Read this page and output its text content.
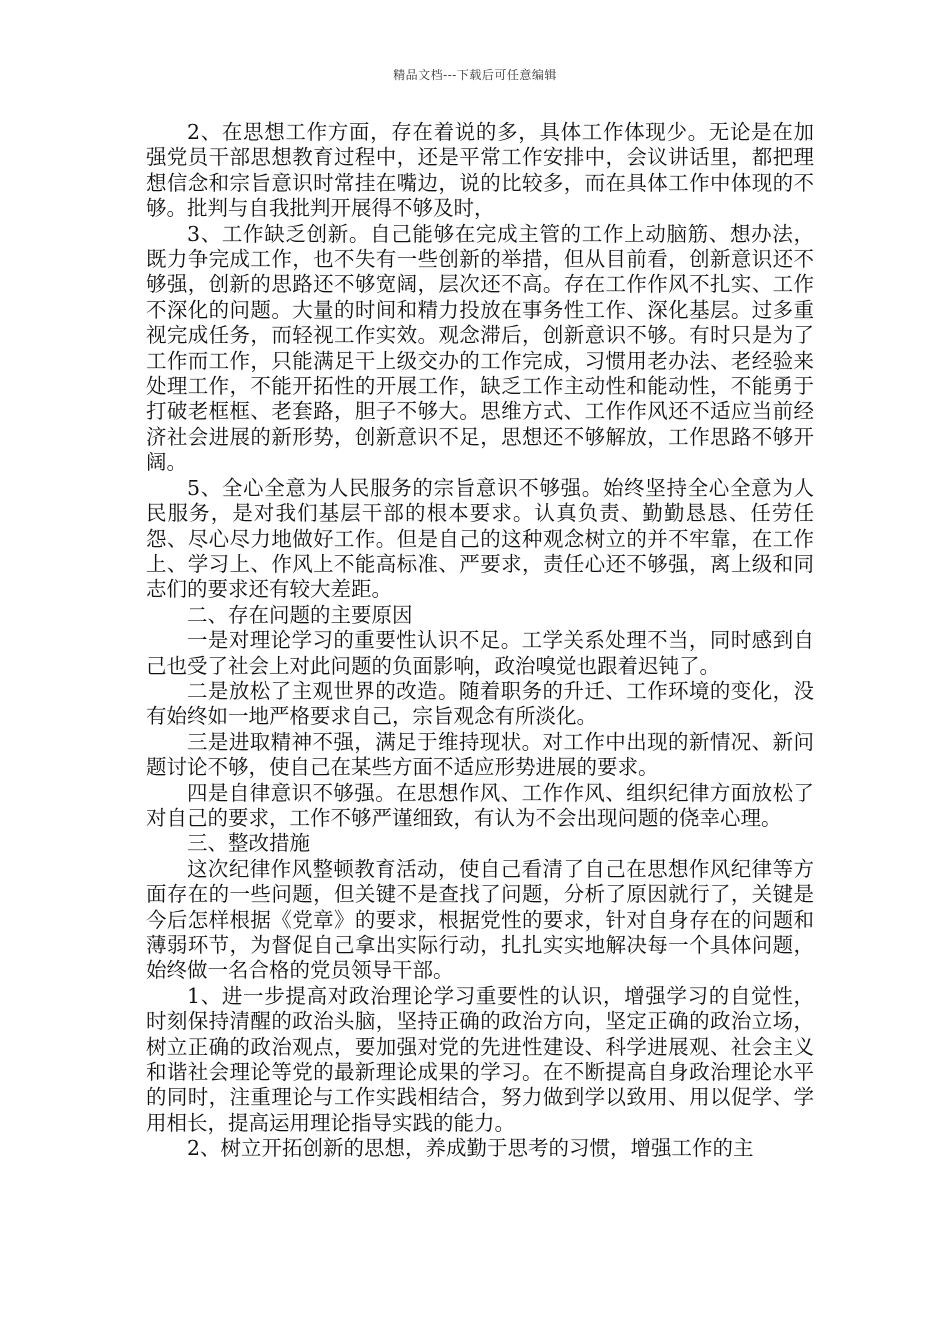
精品文档---下载后可任意编辑

2、在思想工作方面，存在着说的多，具体工作体现少。无论是在加强党员干部思想教育过程中，还是平常工作安排中，会议讲话里，都把理想信念和宗旨意识时常挂在嘴边，说的比较多，而在具体工作中体现的不够。批判与自我批判开展得不够及时，

3、工作缺乏创新。自己能够在完成主管的工作上动脑筋、想办法，既力争完成工作，也不失有一些创新的举措，但从目前看，创新意识还不够强，创新的思路还不够宽阔，层次还不高。存在工作作风不扎实、工作不深化的问题。大量的时间和精力投放在事务性工作、深化基层。过多重视完成任务，而轻视工作实效。观念滞后，创新意识不够。有时只是为了工作而工作，只能满足干上级交办的工作完成，习惯用老办法、老经验来处理工作，不能开拓性的开展工作，缺乏工作主动性和能动性，不能勇于打破老框框、老套路，胆子不够大。思维方式、工作作风还不适应当前经济社会进展的新形势，创新意识不足，思想还不够解放，工作思路不够开阔。

5、全心全意为人民服务的宗旨意识不够强。始终坚持全心全意为人民服务，是对我们基层干部的根本要求。认真负责、勤勤恳恳、任劳任怨、尽心尽力地做好工作。但是自己的这种观念树立的并不牢靠，在工作上、学习上、作风上不能高标准、严要求，责任心还不够强，离上级和同志们的要求还有较大差距。

二、存在问题的主要原因

一是对理论学习的重要性认识不足。工学关系处理不当，同时感到自己也受了社会上对此问题的负面影响，政治嗅觉也跟着迟钝了。

二是放松了主观世界的改造。随着职务的升迁、工作环境的变化，没有始终如一地严格要求自己，宗旨观念有所淡化。

三是进取精神不强，满足于维持现状。对工作中出现的新情况、新问题讨论不够，使自己在某些方面不适应形势进展的要求。

四是自律意识不够强。在思想作风、工作作风、组织纪律方面放松了对自己的要求，工作不够严谨细致，有认为不会出现问题的侥幸心理。

三、整改措施

这次纪律作风整顿教育活动，使自己看清了自己在思想作风纪律等方面存在的一些问题，但关键不是查找了问题，分析了原因就行了，关键是今后怎样根据《党章》的要求，根据党性的要求，针对自身存在的问题和薄弱环节，为督促自己拿出实际行动，扎扎实实地解决每一个具体问题，始终做一名合格的党员领导干部。

1、进一步提高对政治理论学习重要性的认识，增强学习的自觉性，时刻保持清醒的政治头脑，坚持正确的政治方向，坚定正确的政治立场，树立正确的政治观点，要加强对党的先进性建设、科学进展观、社会主义和谐社会理论等党的最新理论成果的学习。在不断提高自身政治理论水平的同时，注重理论与工作实践相结合，努力做到学以致用、用以促学、学用相长，提高运用理论指导实践的能力。

2、树立开拓创新的思想，养成勤于思考的习惯，增强工作的主
